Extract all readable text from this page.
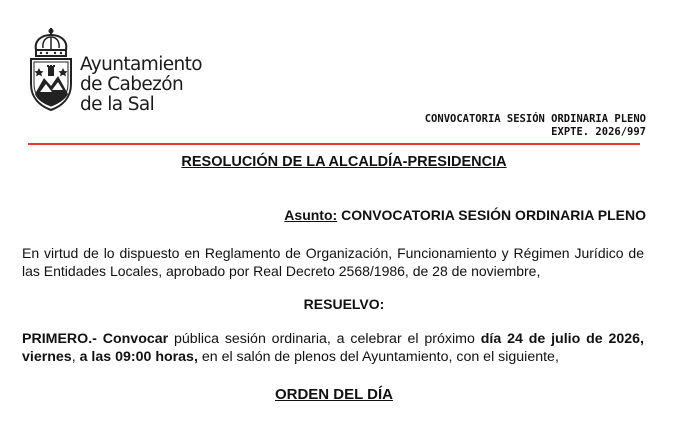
Ayuntamiento
de Cabezón
de la Sal
CONVOCATORIA SESIÓN ORDINARIA PLENO
EXPTE. 2026/997
RESOLUCIÓN DE LA ALCALDÍA-PRESIDENCIA
Asunto: CONVOCATORIA SESIÓN ORDINARIA PLENO
En virtud de lo dispuesto en Reglamento de Organización, Funcionamiento y Régimen Jurídico de las Entidades Locales, aprobado por Real Decreto 2568/1986, de 28 de noviembre,
RESUELVO:
PRIMERO.- Convocar pública sesión ordinaria, a celebrar el próximo día 24 de julio de 2026, viernes, a las 09:00 horas, en el salón de plenos del Ayuntamiento, con el siguiente,
ORDEN DEL DÍA
